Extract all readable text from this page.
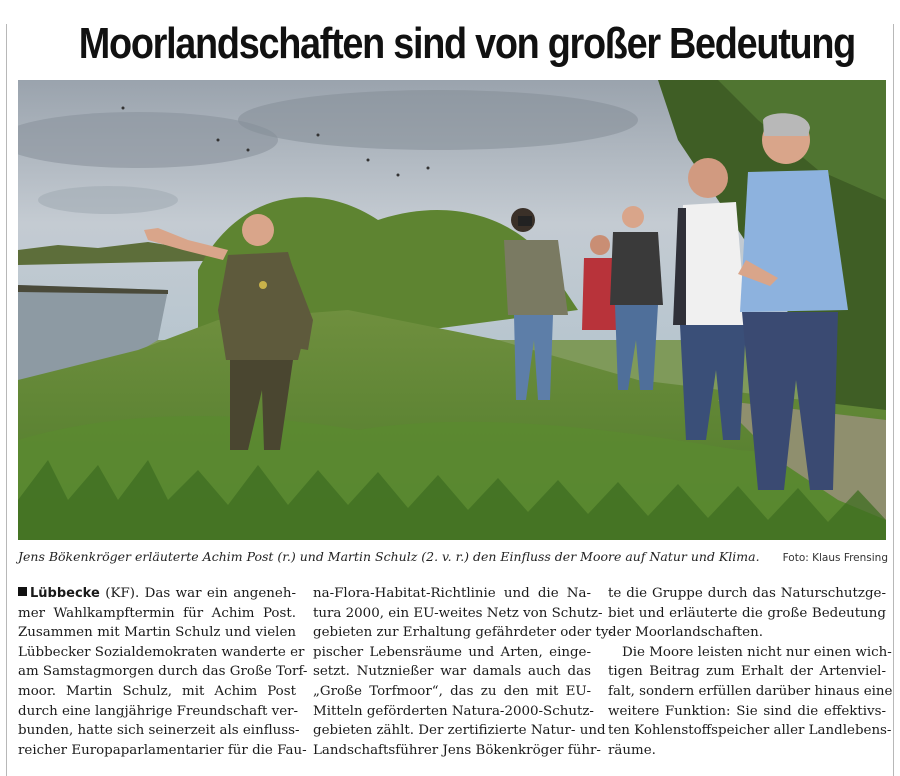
Moorlandschaften sind von großer Bedeutung
Jens Bökenkröger erläuterte Achim Post (r.) und Martin Schulz (2. v. r.) den Einfluss der Moore auf Natur und Klima.	Foto: Klaus Frensing
Lübbecke (KF). Das war ein angeneh-
mer Wahlkampftermin für Achim Post.
Zusammen mit Martin Schulz und vielen
Lübbecker Sozialdemokraten wanderte er
am Samstagmorgen durch das Große Torf-
moor. Martin Schulz, mit Achim Post
durch eine langjährige Freundschaft ver-
bunden, hatte sich seinerzeit als einfluss-
reicher Europaparlamentarier für die Fau-
na-Flora-Habitat-Richtlinie und die Na-
tura 2000, ein EU-weites Netz von Schutz-
gebieten zur Erhaltung gefährdeter oder ty-
pischer Lebensräume und Arten, einge-
setzt. Nutznießer war damals auch das
„Große Torfmoor“, das zu den mit EU-
Mitteln geförderten Natura-2000-Schutz-
gebieten zählt. Der zertifizierte Natur- und
Landschaftsführer Jens Bökenkröger führ-
te die Gruppe durch das Naturschutzge-
biet und erläuterte die große Bedeutung
der Moorlandschaften.
Die Moore leisten nicht nur einen wich-
tigen Beitrag zum Erhalt der Artenviel-
falt, sondern erfüllen darüber hinaus eine
weitere Funktion: Sie sind die effektivs-
ten Kohlenstoffspeicher aller Landlebens-
räume.
